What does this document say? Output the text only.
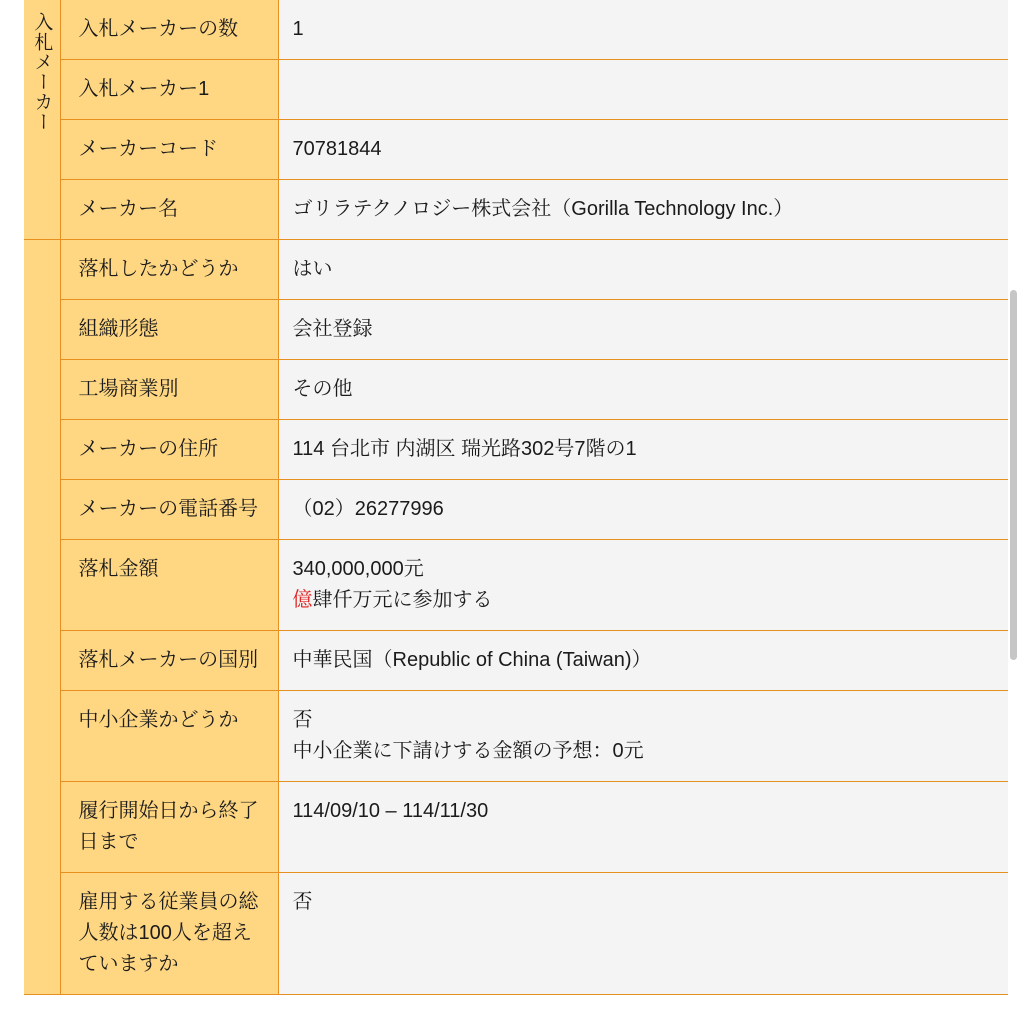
入札メーカー	入札メーカーの数	1
	入札メーカー1	
	メーカーコード	70781844
	メーカー名	ゴリラテクノロジー株式会社（Gorilla Technology Inc.）
	落札したかどうか	はい
	組織形態	会社登録
	工場商業別	その他
	メーカーの住所	114 台北市 内湖区 瑞光路302号7階の1
	メーカーの電話番号	（02）26277996
	落札金額	340,000,000元
億肆仟万元に参加する

	落札メーカーの国別	中華民国（Republic of China (Taiwan)）
	中小企業かどうか	否
中小企業に下請けする金額の予想：0元

	履行開始日から終了日まで	114/09/10 – 114/11/30
	雇用する従業員の総人数は100人を超えていますか	否
